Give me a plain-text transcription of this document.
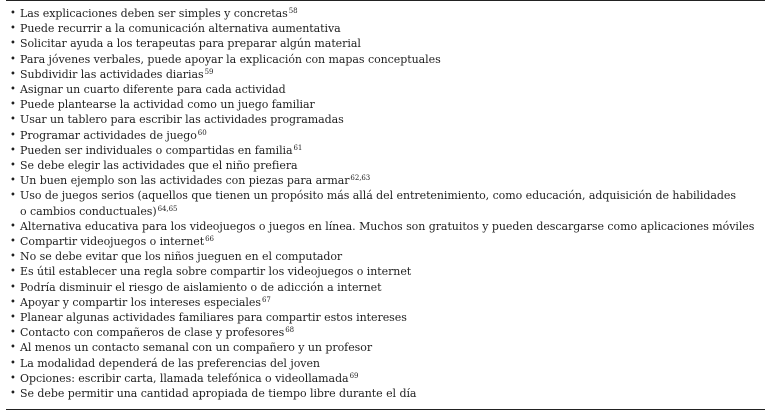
• Las explicaciones deben ser simples y concretas$^{58}$
• Puede recurrir a la comunicación alternativa aumentativa
• Solicitar ayuda a los terapeutas para preparar algún material
• Para jóvenes verbales, puede apoyar la explicación con mapas conceptuales
• Subdividir las actividades diarias$^{59}$
• Asignar un cuarto diferente para cada actividad
• Puede plantearse la actividad como un juego familiar
• Usar un tablero para escribir las actividades programadas
• Programar actividades de juego$^{60}$
• Pueden ser individuales o compartidas en familia$^{61}$
• Se debe elegir las actividades que el niño prefiera
• Un buen ejemplo son las actividades con piezas para armar$^{62,63}$
• Uso de juegos serios (aquellos que tienen un propósito más allá del entretenimiento, como educación, adquisición de habilidades o cambios conductuales)$^{64,65}$
• Alternativa educativa para los videojuegos o juegos en línea. Muchos son gratuitos y pueden descargarse como aplicaciones móviles
• Compartir videojuegos o internet$^{66}$
• No se debe evitar que los niños jueguen en el computador
• Es útil establecer una regla sobre compartir los videojuegos o internet
• Podría disminuir el riesgo de aislamiento o de adicción a internet
• Apoyar y compartir los intereses especiales$^{67}$
• Planear algunas actividades familiares para compartir estos intereses
• Contacto con compañeros de clase y profesores$^{68}$
• Al menos un contacto semanal con un compañero y un profesor
• La modalidad dependerá de las preferencias del joven
• Opciones: escribir carta, llamada telefónica o videollamada$^{69}$
• Se debe permitir una cantidad apropiada de tiempo libre durante el día
